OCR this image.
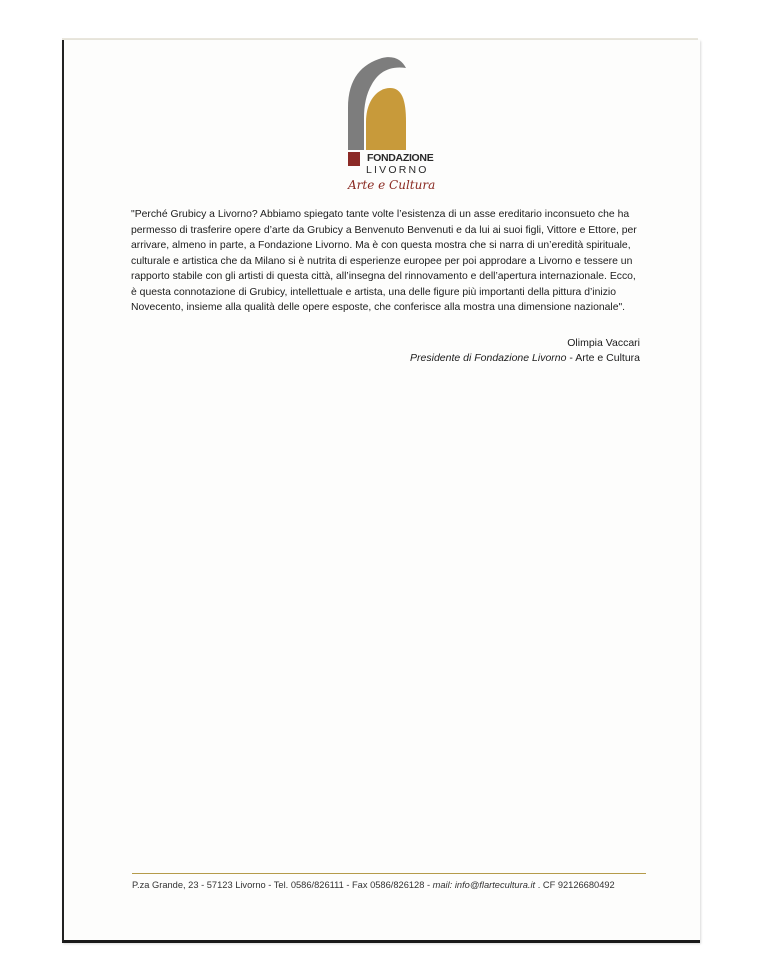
FONDAZIONE
LIVORNO
Arte e Cultura

"Perché Grubicy a Livorno? Abbiamo spiegato tante volte l’esistenza di un asse ereditario inconsueto che ha permesso di trasferire opere d’arte da Grubicy a Benvenuto Benvenuti e da lui ai suoi figli, Vittore e Ettore, per arrivare, almeno in parte, a Fondazione Livorno. Ma è con questa mostra che si narra di un’eredità spirituale, culturale e artistica che da Milano si è nutrita di esperienze europee per poi approdare a Livorno e tessere un rapporto stabile con gli artisti di questa città, all’insegna del rinnovamento e dell’apertura internazionale. Ecco, è questa connotazione di Grubicy, intellettuale e artista, una delle figure più importanti della pittura d’inizio Novecento, insieme alla qualità delle opere esposte, che conferisce alla mostra una dimensione nazionale".

Olimpia Vaccari
Presidente di Fondazione Livorno - Arte e Cultura
P.za Grande, 23 - 57123 Livorno - Tel. 0586/826111 - Fax 0586/826128 - mail: info@flartecultura.it . CF 92126680492
